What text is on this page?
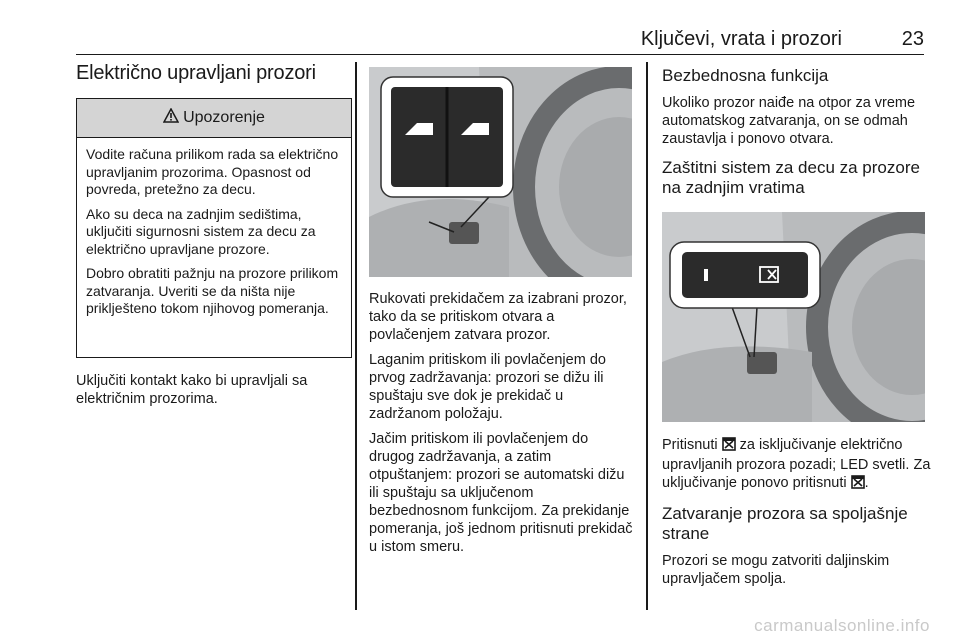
Ključevi, vrata i prozori	23
Električno upravljani prozori
Upozorenje

Vodite računa prilikom rada sa električno upravljanim prozorima. Opasnost od povreda, pretežno za decu.

Ako su deca na zadnjim sedištima, uključiti sigurnosni sistem za decu za električno upravljane prozore.

Dobro obratiti pažnju na prozore prilikom zatvaranja. Uveriti se da ništa nije priklješteno tokom njihovog pomeranja.

Uključiti kontakt kako bi upravljali sa električnim prozorima.

Rukovati prekidačem za izabrani prozor, tako da se pritiskom otvara a povlačenjem zatvara prozor.

Laganim pritiskom ili povlačenjem do prvog zadržavanja: prozori se dižu ili spuštaju sve dok je prekidač u zadržanom položaju.

Jačim pritiskom ili povlačenjem do drugog zadržavanja, a zatim otpuštanjem: prozori se automatski dižu ili spuštaju sa uključenom bezbednosnom funkcijom. Za prekidanje pomeranja, još jednom pritisnuti prekidač u istom smeru.

Bezbednosna funkcija

Ukoliko prozor naiđe na otpor za vreme automatskog zatvaranja, on se odmah zaustavlja i ponovo otvara.

Zaštitni sistem za decu za prozore na zadnjim vratima

Pritisnuti za isključivanje električno upravljanih prozora pozadi; LED svetli. Za uključivanje ponovo pritisnuti .

Zatvaranje prozora sa spoljašnje strane

Prozori se mogu zatvoriti daljinskim upravljačem spolja.

carmanualsonline.info
